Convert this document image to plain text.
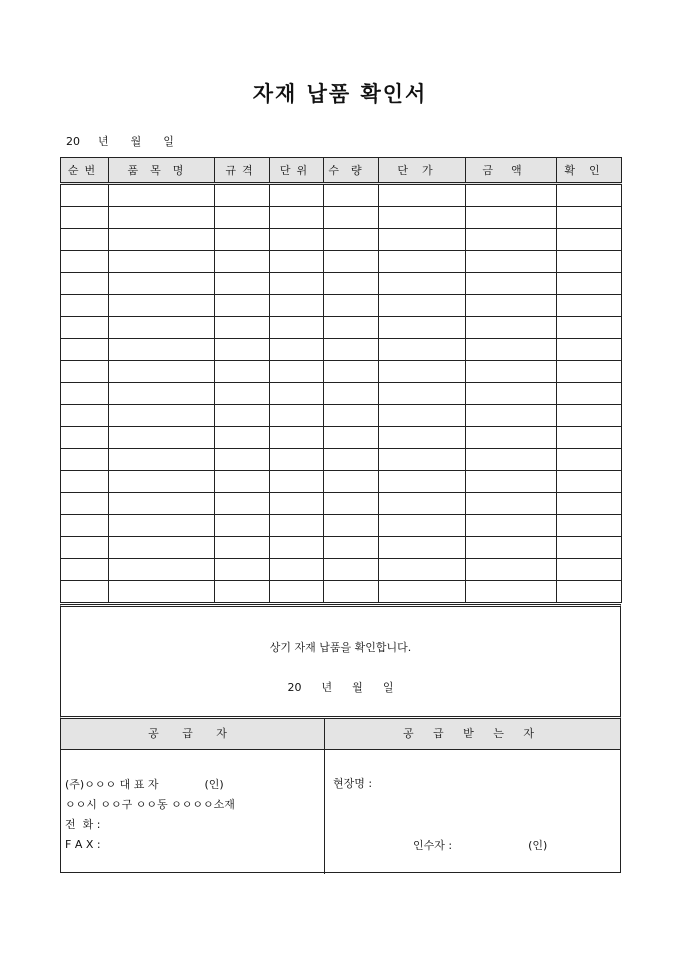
자재 납품 확인서
20 년 월 일
순번	품목명	규격	단위	수량	단가	금액	확인

상기 자재 납품을 확인합니다.
20 년 월 일
공 급 자	공 급 받 는 자
(주)ㅇㅇㅇ 대 표 자	(인)
ㅇㅇ시 ㅇㅇ구 ㅇㅇ동 ㅇㅇㅇㅇ소재
전  화 :
F A X :
현장명 :
인수자 :	(인)
